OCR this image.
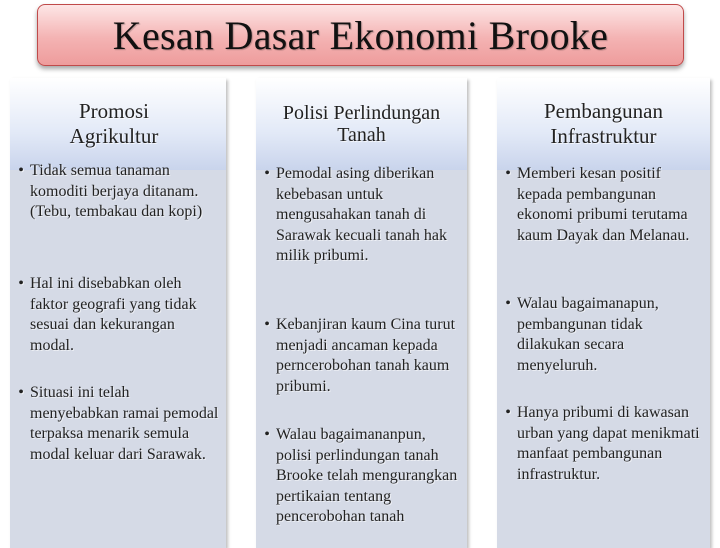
Kesan Dasar Ekonomi Brooke
Promosi Agrikultur
• Tidak semua tanaman komoditi berjaya ditanam. (Tebu, tembakau dan kopi)
• Hal ini disebabkan oleh faktor geografi yang tidak sesuai dan kekurangan modal.
• Situasi ini telah menyebabkan ramai pemodal terpaksa menarik semula modal keluar dari Sarawak.
Polisi Perlindungan Tanah
• Pemodal asing diberikan kebebasan untuk mengusahakan tanah di Sarawak kecuali tanah hak milik pribumi.
• Kebanjiran kaum Cina turut menjadi ancaman kepada perncerobohan tanah kaum pribumi.
• Walau bagaimananpun, polisi perlindungan tanah Brooke telah mengurangkan pertikaian tentang pencerobohan tanah
Pembangunan Infrastruktur
• Memberi kesan positif kepada pembangunan ekonomi pribumi terutama kaum Dayak dan Melanau.
• Walau bagaimanapun, pembangunan tidak dilakukan secara menyeluruh.
• Hanya pribumi di kawasan urban yang dapat menikmati manfaat pembangunan infrastruktur.
